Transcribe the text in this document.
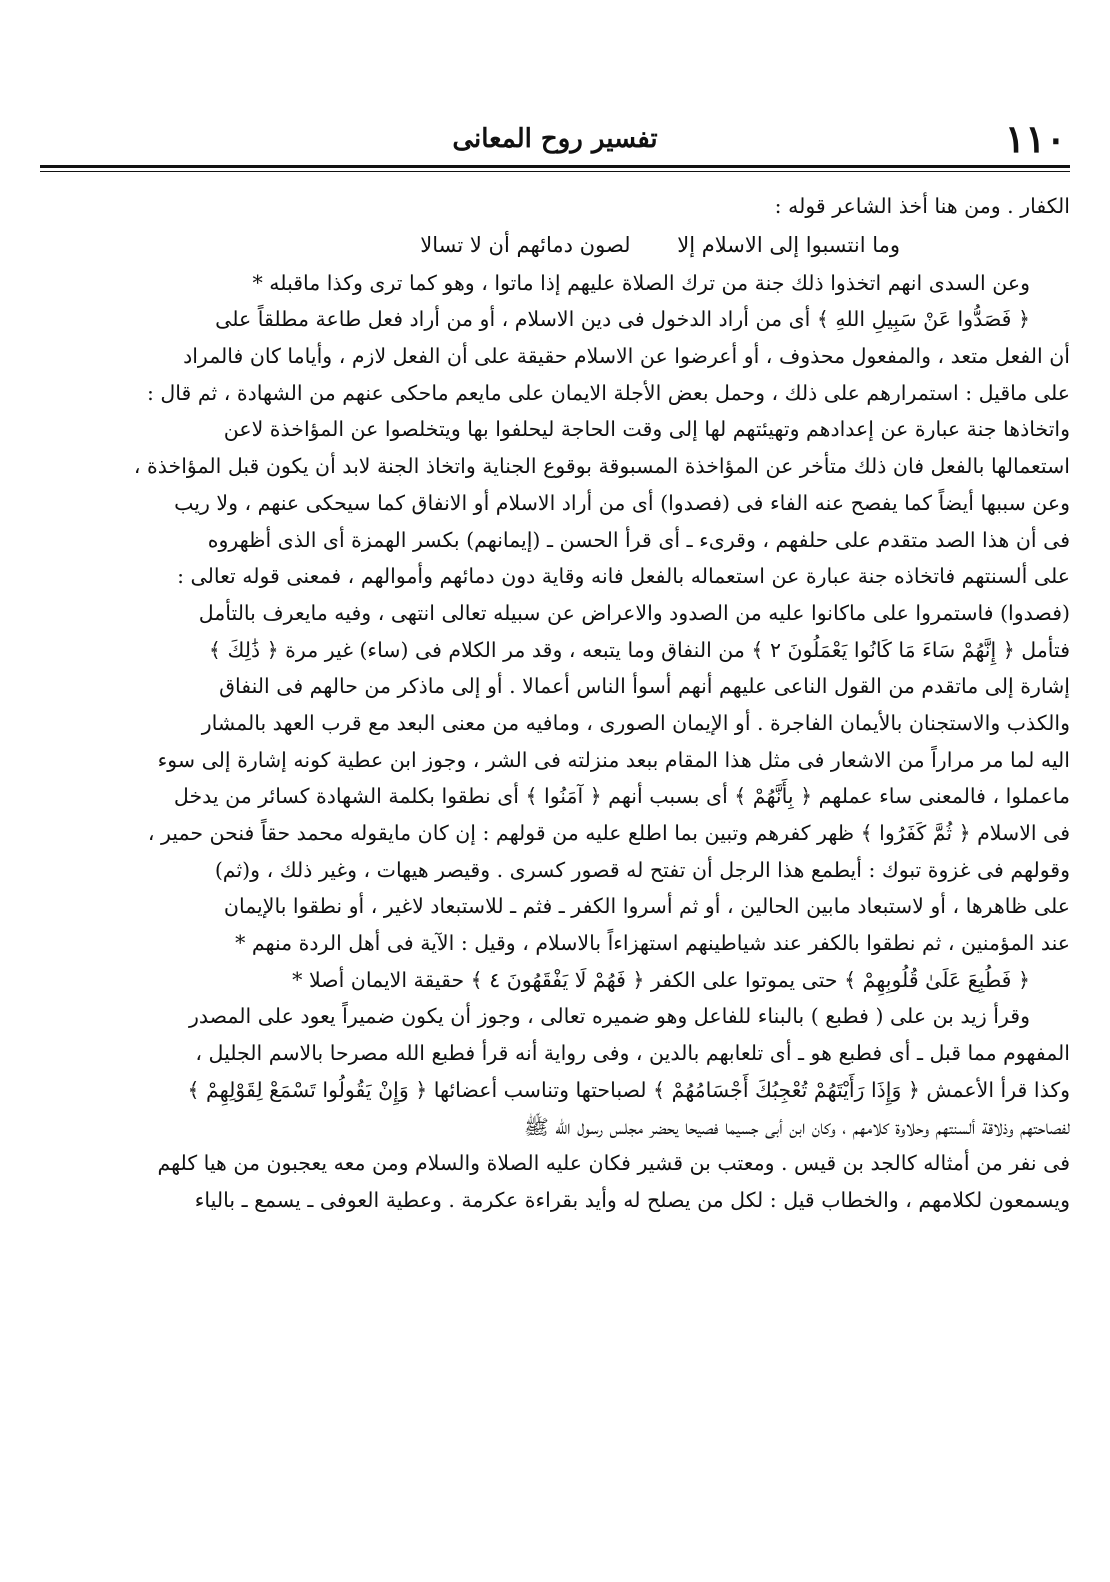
١١٠
تفسير روح المعانى
الكفار . ومن هنا أخذ الشاعر قوله :
وما انتسبوا إلى الاسلام إلا لصون دمائهم أن لا تسالا
وعن السدى انهم اتخذوا ذلك جنة من ترك الصلاة عليهم إذا ماتوا ، وهو كما ترى وكذا ماقبله *
﴿ فَصَدُّوا عَنْ سَبِيلِ اللهِ ﴾ أى من أراد الدخول فى دين الاسلام ، أو من أراد فعل طاعة مطلقاً على
أن الفعل متعد ، والمفعول محذوف ، أو أعرضوا عن الاسلام حقيقة على أن الفعل لازم ، وأياما كان فالمراد
على ماقيل : استمرارهم على ذلك ، وحمل بعض الأجلة الايمان على مايعم ماحكى عنهم من الشهادة ، ثم قال :
واتخاذها جنة عبارة عن إعدادهم وتهيئتهم لها إلى وقت الحاجة ليحلفوا بها ويتخلصوا عن المؤاخذة لاعن
استعمالها بالفعل فان ذلك متأخر عن المؤاخذة المسبوقة بوقوع الجناية واتخاذ الجنة لابد أن يكون قبل المؤاخذة ،
وعن سببها أيضاً كما يفصح عنه الفاء فى (فصدوا) أى من أراد الاسلام أو الانفاق كما سيحكى عنهم ، ولا ريب
فى أن هذا الصد متقدم على حلفهم ، وقرىء ـ أى قرأ الحسن ـ (إيمانهم) بكسر الهمزة أى الذى أظهروه
على ألسنتهم فاتخاذه جنة عبارة عن استعماله بالفعل فانه وقاية دون دمائهم وأموالهم ، فمعنى قوله تعالى :
(فصدوا) فاستمروا على ماكانوا عليه من الصدود والاعراض عن سبيله تعالى انتهى ، وفيه مايعرف بالتأمل
فتأمل ﴿ إِنَّهُمْ سَاءَ مَا كَانُوا يَعْمَلُونَ ٢ ﴾ من النفاق وما يتبعه ، وقد مر الكلام فى (ساء) غير مرة ﴿ ذَٰلِكَ ﴾
إشارة إلى ماتقدم من القول الناعى عليهم أنهم أسوأ الناس أعمالا . أو إلى ماذكر من حالهم فى النفاق
والكذب والاستجنان بالأيمان الفاجرة . أو الإيمان الصورى ، ومافيه من معنى البعد مع قرب العهد بالمشار
اليه لما مر مراراً من الاشعار فى مثل هذا المقام ببعد منزلته فى الشر ، وجوز ابن عطية كونه إشارة إلى سوء
ماعملوا ، فالمعنى ساء عملهم ﴿ بِأَنَّهُمْ ﴾ أى بسبب أنهم ﴿ آمَنُوا ﴾ أى نطقوا بكلمة الشهادة كسائر من يدخل
فى الاسلام ﴿ ثُمَّ كَفَرُوا ﴾ ظهر كفرهم وتبين بما اطلع عليه من قولهم : إن كان مايقوله محمد حقاً فنحن حمير ،
وقولهم فى غزوة تبوك : أيطمع هذا الرجل أن تفتح له قصور كسرى . وقيصر هيهات ، وغير ذلك ، و(ثم)
على ظاهرها ، أو لاستبعاد مابين الحالين ، أو ثم أسروا الكفر ـ فثم ـ للاستبعاد لاغير ، أو نطقوا بالإيمان
عند المؤمنين ، ثم نطقوا بالكفر عند شياطينهم استهزاءاً بالاسلام ، وقيل : الآية فى أهل الردة منهم *
﴿ فَطُبِعَ عَلَىٰ قُلُوبِهِمْ ﴾ حتى يموتوا على الكفر ﴿ فَهُمْ لَا يَفْقَهُونَ ٤ ﴾ حقيقة الايمان أصلا *
وقرأ زيد بن على ( فطبع ) بالبناء للفاعل وهو ضميره تعالى ، وجوز أن يكون ضميراً يعود على المصدر
المفهوم مما قبل ـ أى فطبع هو ـ أى تلعابهم بالدين ، وفى رواية أنه قرأ فطبع الله مصرحا بالاسم الجليل ،
وكذا قرأ الأعمش ﴿ وَإِذَا رَأَيْتَهُمْ تُعْجِبُكَ أَجْسَامُهُمْ ﴾ لصباحتها وتناسب أعضائها ﴿ وَإِنْ يَقُولُوا تَسْمَعْ لِقَوْلِهِمْ ﴾
لفصاحتهم وذلاقة ألسنتهم وحلاوة كلامهم ، وكان ابن أبى جسيما فصيحا يحضر مجلس رسول الله ﷺ
فى نفر من أمثاله كالجد بن قيس . ومعتب بن قشير فكان عليه الصلاة والسلام ومن معه يعجبون من هيا كلهم
ويسمعون لكلامهم ، والخطاب قيل : لكل من يصلح له وأيد بقراءة عكرمة . وعطية العوفى ـ يسمع ـ بالياء
